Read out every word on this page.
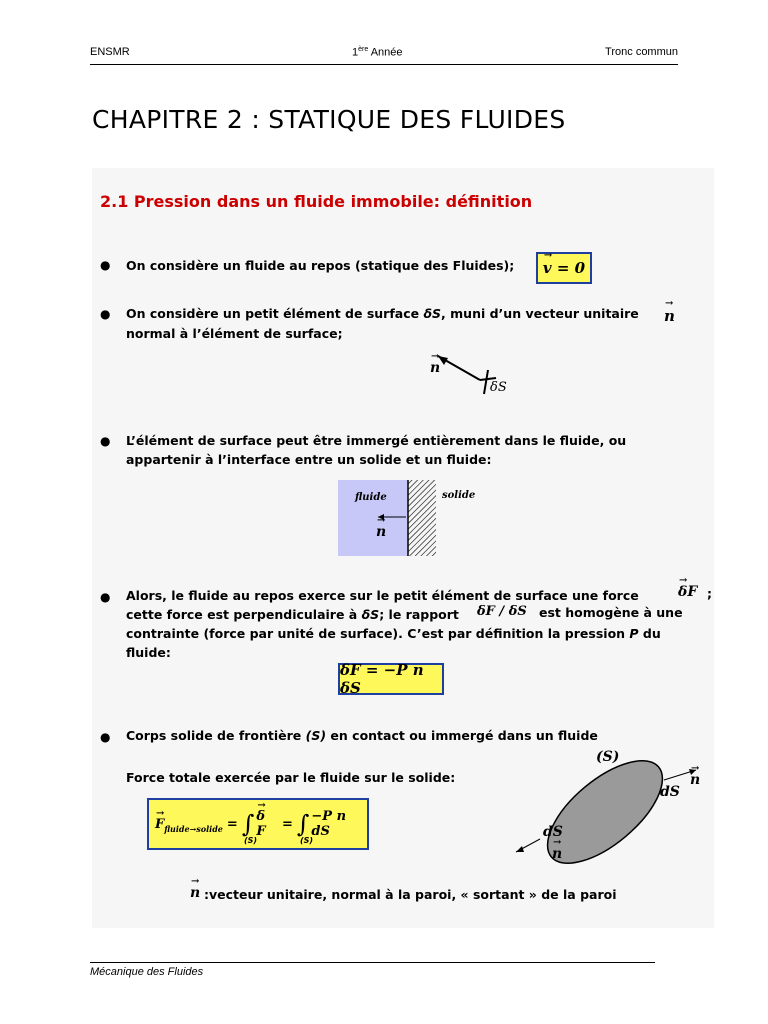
ENSMR	1ère Année	Tronc commun
CHAPITRE 2 : STATIQUE DES FLUIDES
2.1 Pression dans un fluide immobile: définition
● On considère un fluide au repos (statique des Fluides); → v = 0
● On considère un petit élément de surface δS, muni d’un vecteur unitaire → n
normal à l’élément de surface;
→ n
δS
● L’élément de surface peut être immergé entièrement dans le fluide, ou
appartenir à l’interface entre un solide et un fluide:
fluide	solide
→ n
● Alors, le fluide au repos exerce sur le petit élément de surface une force	→ δF ;
cette force est perpendiculaire à δS; le rapport δF / δS est homogène à une
contrainte (force par unité de surface). C’est par définition la pression P du
fluide:
δF = −P n δS
● Corps solide de frontière (S) en contact ou immergé dans un fluide
Force totale exercée par le fluide sur le solide:
→ F fluide→solide = ∫ → δ F	= ∫ −P n dS
(S)	(S)
(S)
→ n
dS
dS
→ n
→ n :vecteur unitaire, normal à la paroi, « sortant » de la paroi
Mécanique des Fluides
